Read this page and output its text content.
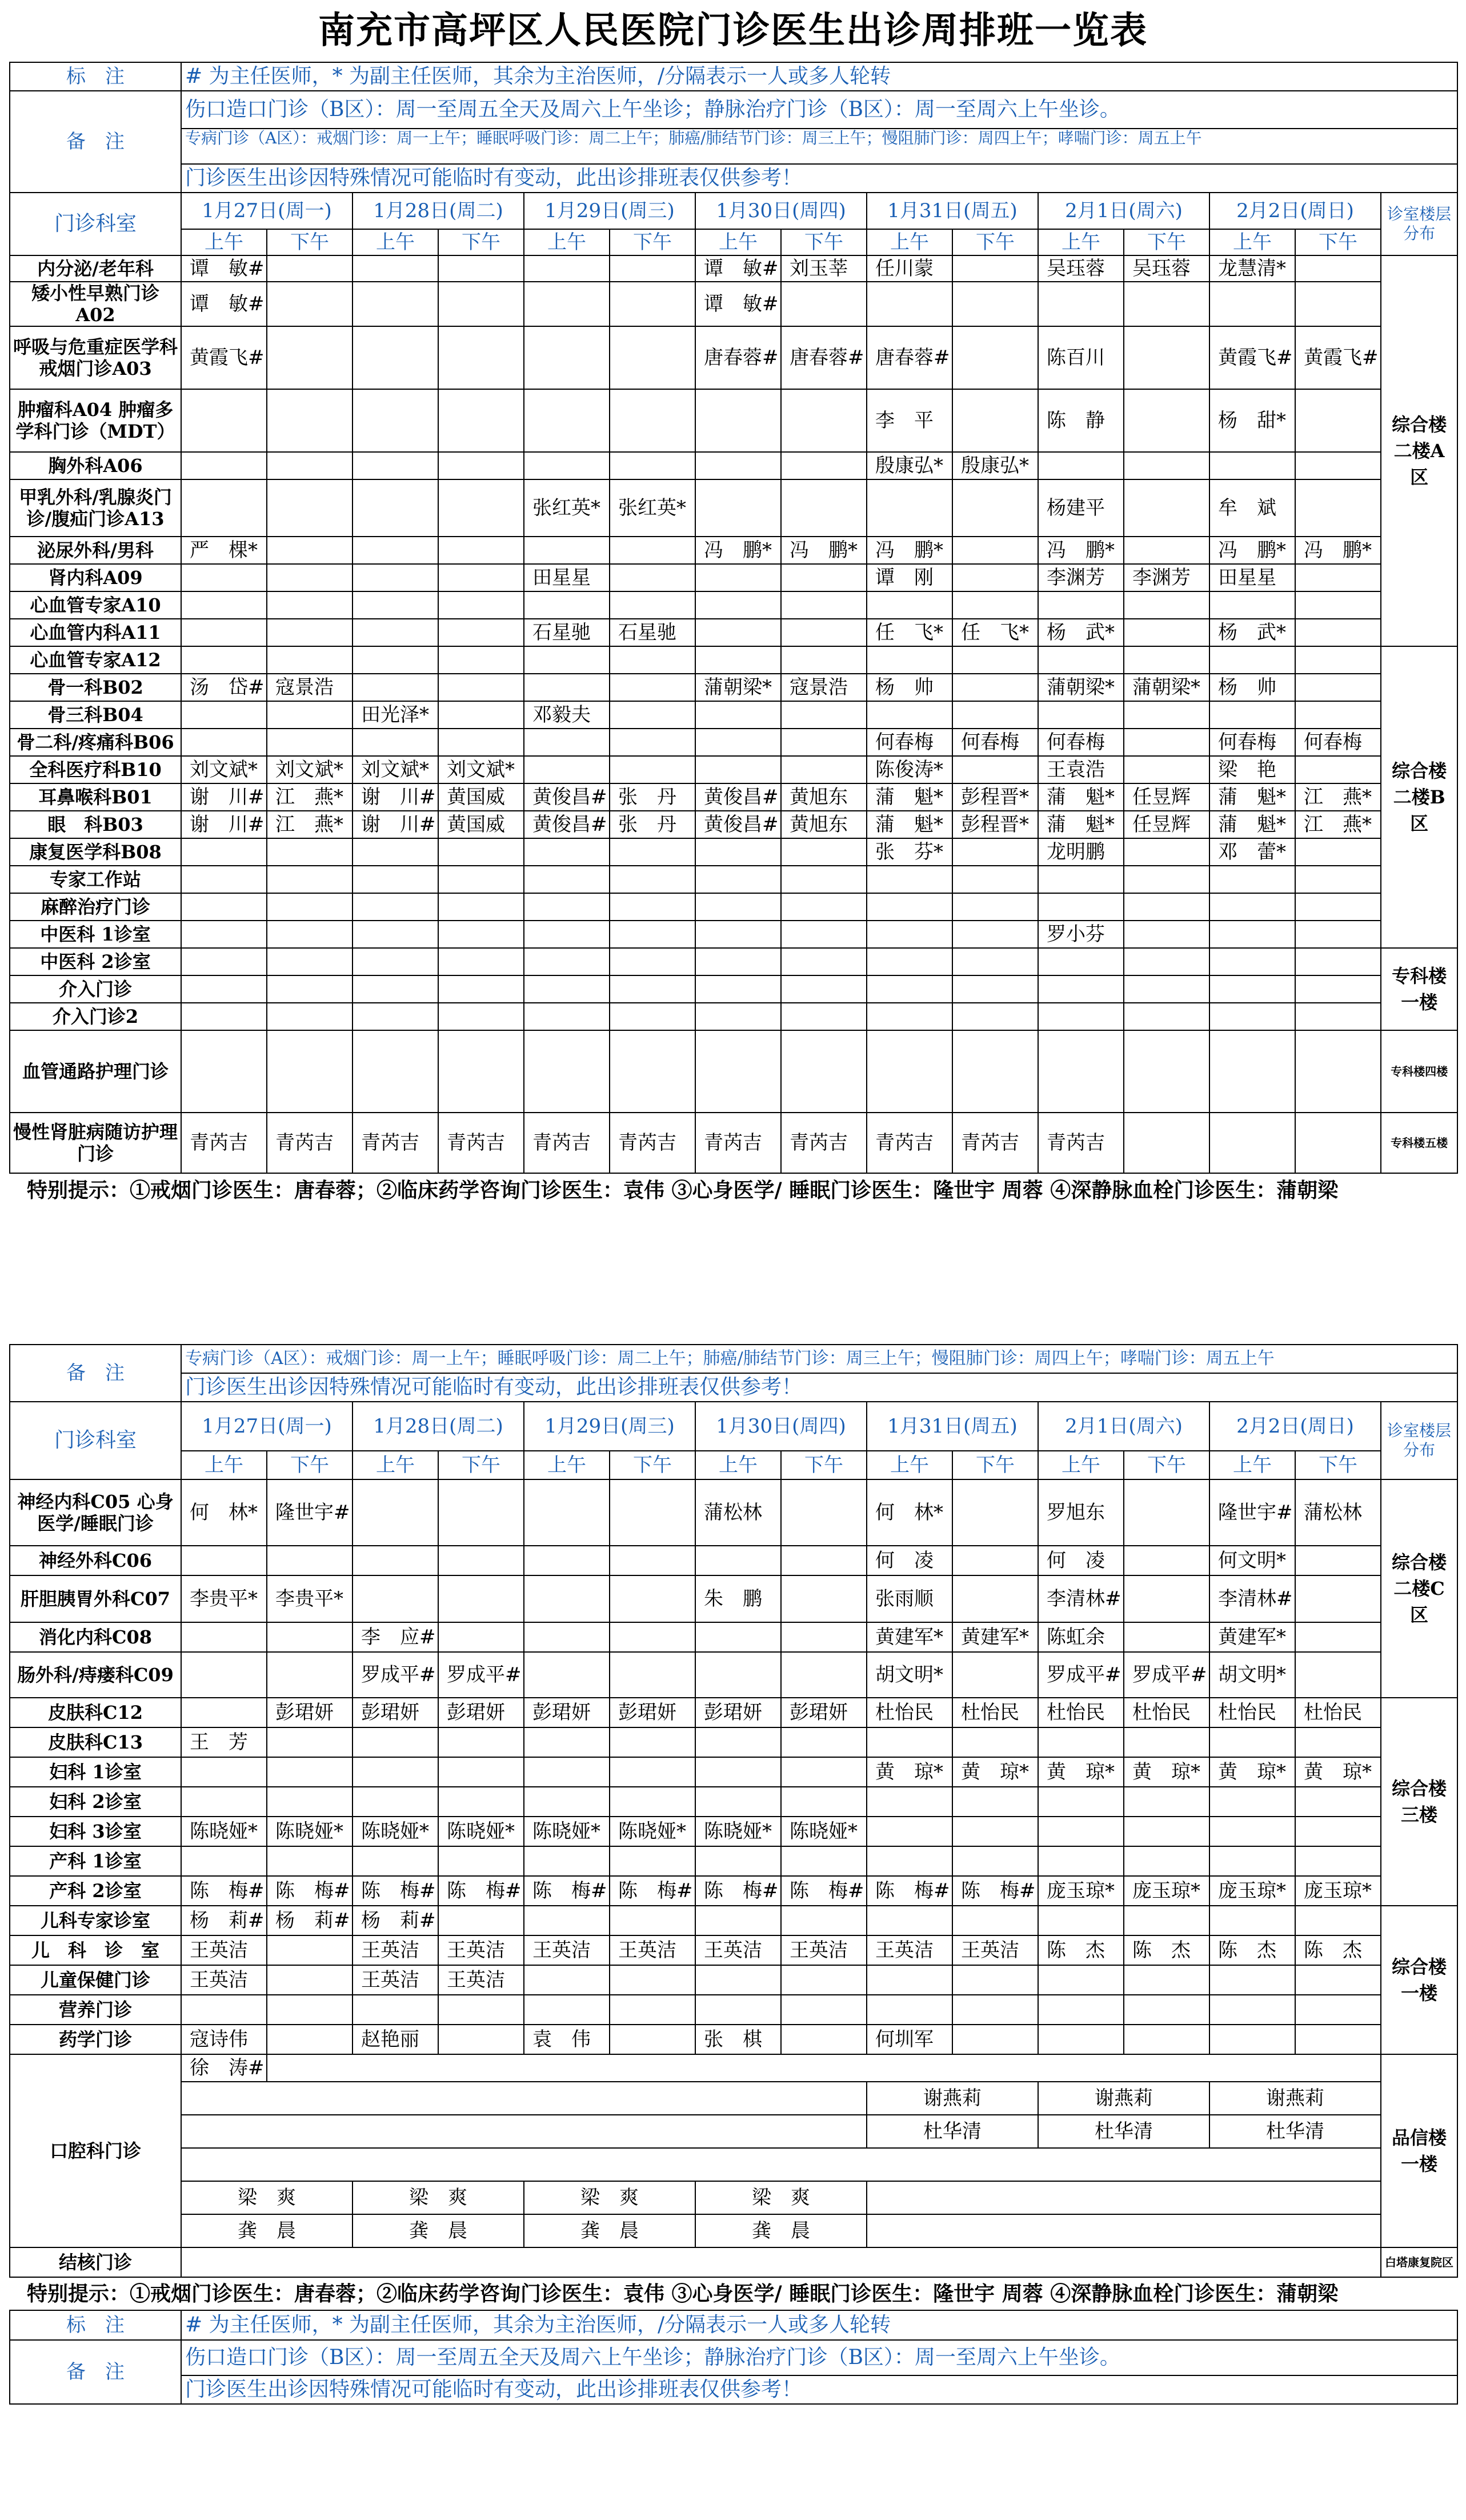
南充市高坪区人民医院门诊医生出诊周排班一览表
标　注	# 为主任医师，* 为副主任医师，其余为主治医师，/分隔表示一人或多人轮转														
备　注	伤口造口门诊（B区）：周一至周五全天及周六上午坐诊；静脉治疗门诊（B区）：周一至周六上午坐诊。														
	专病门诊（A区）：戒烟门诊：周一上午；睡眠呼吸门诊：周二上午；肺癌/肺结节门诊：周三上午；慢阻肺门诊：周四上午；哮喘门诊：周五上午														
	门诊医生出诊因特殊情况可能临时有变动，此出诊排班表仅供参考！														
门诊科室	1月27日(周一)		1月28日(周二)		1月29日(周三)		1月30日(周四)		1月31日(周五)		2月1日(周六)		2月2日(周日)		诊室楼层分布
	上午	下午	上午	下午	上午	下午	上午	下午	上午	下午	上午	下午	上午	下午	
内分泌/老年科	谭　敏#						谭　敏#	刘玉莘	任川蒙		吴珏蓉	吴珏蓉	龙慧清*		综合楼二楼A区
矮小性早熟门诊A02	谭　敏#						谭　敏#								
呼吸与危重症医学科 戒烟门诊A03	黄霞飞#						唐春蓉#	唐春蓉#	唐春蓉#		陈百川		黄霞飞#	黄霞飞#	
肿瘤科A04 肿瘤多学科门诊（MDT）									李　平		陈　静		杨　甜*		
胸外科A06									殷康弘*	殷康弘*					
甲乳外科/乳腺炎门诊/腹疝门诊A13					张红英*	张红英*					杨建平		牟　斌		
泌尿外科/男科	严　棵*						冯　鹏*	冯　鹏*	冯　鹏*		冯　鹏*		冯　鹏*	冯　鹏*	
肾内科A09					田星星				谭　刚		李渊芳	李渊芳	田星星		
心血管专家A10															
心血管内科A11					石星驰	石星驰			任　飞*	任　飞*	杨　武*		杨　武*		
心血管专家A12															综合楼二楼B区
骨一科B02	汤　岱#	寇景浩					蒲朝梁*	寇景浩	杨　帅		蒲朝梁*	蒲朝梁*	杨　帅		
骨三科B04			田光泽*		邓毅夫										
骨二科/疼痛科B06									何春梅	何春梅	何春梅		何春梅	何春梅	
全科医疗科B10	刘文斌*	刘文斌*	刘文斌*	刘文斌*					陈俊涛*		王袁浩		梁　艳		
耳鼻喉科B01	谢　川#	江　燕*	谢　川#	黄国威	黄俊昌#	张　丹	黄俊昌#	黄旭东	蒲　魁*	彭程晋*	蒲　魁*	任昱辉	蒲　魁*	江　燕*	
眼　科B03	谢　川#	江　燕*	谢　川#	黄国威	黄俊昌#	张　丹	黄俊昌#	黄旭东	蒲　魁*	彭程晋*	蒲　魁*	任昱辉	蒲　魁*	江　燕*	
康复医学科B08									张　芬*		龙明鹏		邓　蕾*		
专家工作站															
麻醉治疗门诊															
中医科 1诊室											罗小芬				
中医科 2诊室															专科楼一楼
介入门诊															
介入门诊2															
血管通路护理门诊															专科楼四楼
慢性肾脏病随访护理门诊	青芮吉	青芮吉	青芮吉	青芮吉	青芮吉	青芮吉	青芮吉	青芮吉	青芮吉	青芮吉	青芮吉				专科楼五楼
特别提示：①戒烟门诊医生：唐春蓉；②临床药学咨询门诊医生：袁伟 ③心身医学/ 睡眠门诊医生：隆世宇 周蓉 ④深静脉血栓门诊医生：蒲朝梁															
备　注	专病门诊（A区）：戒烟门诊：周一上午；睡眠呼吸门诊：周二上午；肺癌/肺结节门诊：周三上午；慢阻肺门诊：周四上午；哮喘门诊：周五上午														
	门诊医生出诊因特殊情况可能临时有变动，此出诊排班表仅供参考！														
门诊科室	1月27日(周一)		1月28日(周二)		1月29日(周三)		1月30日(周四)		1月31日(周五)		2月1日(周六)		2月2日(周日)		诊室楼层分布
	上午	下午	上午	下午	上午	下午	上午	下午	上午	下午	上午	下午	上午	下午	
神经内科C05 心身医学/睡眠门诊	何　林*	隆世宇#					蒲松林		何　林*		罗旭东		隆世宇#	蒲松林	综合楼二楼C区
神经外科C06									何　凌		何　凌		何文明*		
肝胆胰胃外科C07	李贵平*	李贵平*					朱　鹏		张雨顺		李清林#		李清林#		
消化内科C08			李　应#						黄建军*	黄建军*	陈虹余		黄建军*		
肠外科/痔瘘科C09			罗成平#	罗成平#					胡文明*		罗成平#	罗成平#	胡文明*		
皮肤科C12		彭珺妍	彭珺妍	彭珺妍	彭珺妍	彭珺妍	彭珺妍	彭珺妍	杜怡民	杜怡民	杜怡民	杜怡民	杜怡民	杜怡民	综合楼三楼
皮肤科C13	王　芳														
妇科 1诊室									黄　琼*	黄　琼*	黄　琼*	黄　琼*	黄　琼*	黄　琼*	
妇科 2诊室															
妇科 3诊室	陈晓娅*	陈晓娅*	陈晓娅*	陈晓娅*	陈晓娅*	陈晓娅*	陈晓娅*	陈晓娅*							
产科 1诊室															
产科 2诊室	陈　梅#	陈　梅#	陈　梅#	陈　梅#	陈　梅#	陈　梅#	陈　梅#	陈　梅#	陈　梅#	陈　梅#	庞玉琼*	庞玉琼*	庞玉琼*	庞玉琼*	
儿科专家诊室	杨　莉#	杨　莉#	杨　莉#												综合楼一楼
儿　科　诊　室	王英洁		王英洁	王英洁	王英洁	王英洁	王英洁	王英洁	王英洁	王英洁	陈　杰	陈　杰	陈　杰	陈　杰	
儿童保健门诊	王英洁		王英洁	王英洁											
营养门诊															
药学门诊	寇诗伟		赵艳丽		袁　伟		张　棋		何圳军						
口腔科门诊	徐　涛#														品信楼一楼
									谢燕莉		谢燕莉		谢燕莉		
									杜华清		杜华清		杜华清		

	梁　爽		梁　爽		梁　爽		梁　爽								
	龚　晨		龚　晨		龚　晨		龚　晨								
结核门诊															白塔康复院区
特别提示：①戒烟门诊医生：唐春蓉；②临床药学咨询门诊医生：袁伟 ③心身医学/ 睡眠门诊医生：隆世宇 周蓉 ④深静脉血栓门诊医生：蒲朝梁															
标　注	# 为主任医师，* 为副主任医师，其余为主治医师，/分隔表示一人或多人轮转														
备　注	伤口造口门诊（B区）：周一至周五全天及周六上午坐诊；静脉治疗门诊（B区）：周一至周六上午坐诊。														
	门诊医生出诊因特殊情况可能临时有变动，此出诊排班表仅供参考！														
